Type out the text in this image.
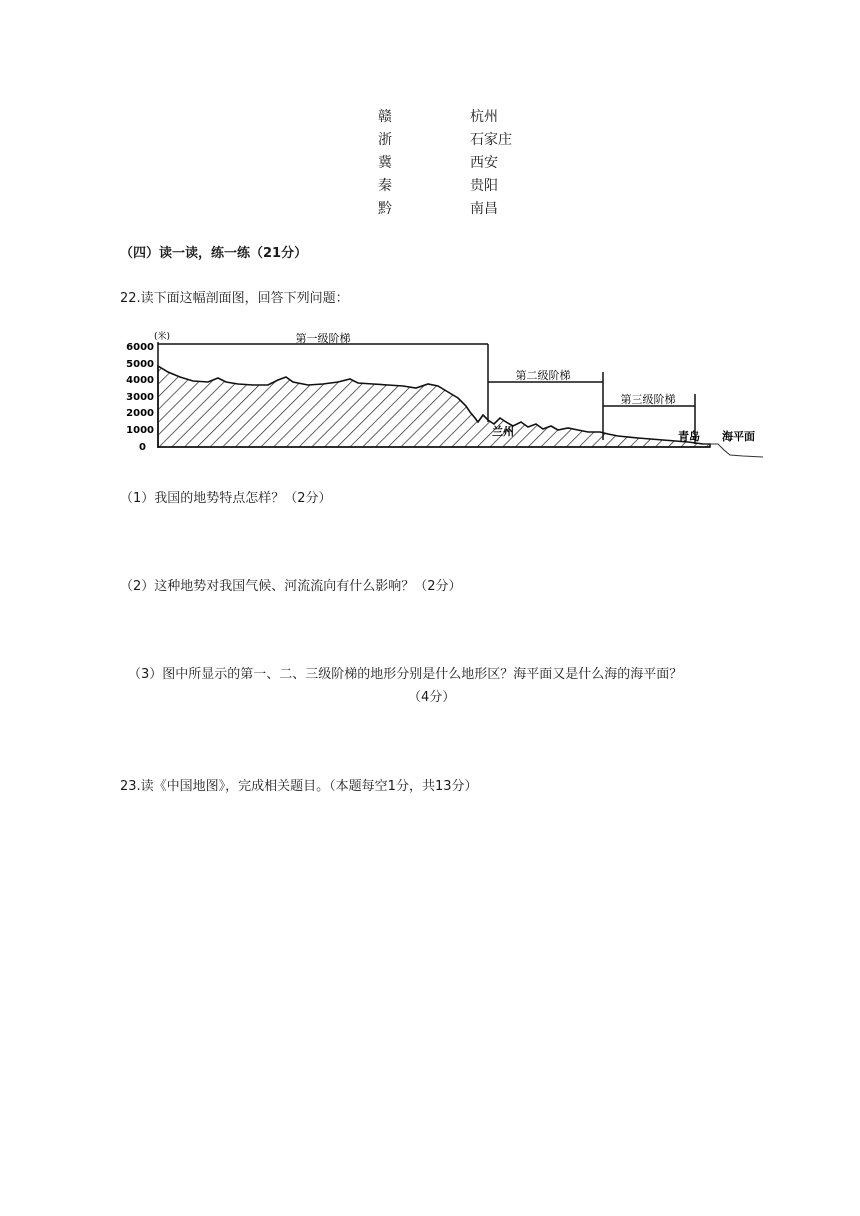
赣	杭州
浙	石家庄
冀	西安
秦	贵阳
黔	南昌
（四）读一读，练一练（21分）
22.读下面这幅剖面图，回答下列问题：
(米)
6000
5000
4000
3000
2000
1000
0
第一级阶梯
第二级阶梯
第三级阶梯
兰州	青岛 海平面
（1）我国的地势特点怎样？（2分）
（2）这种地势对我国气候、河流流向有什么影响？（2分）
（3）图中所显示的第一、二、三级阶梯的地形分别是什么地形区？海平面又是什么海的海平面？
（4分）
23.读《中国地图》，完成相关题目。（本题每空1分，共13分）
